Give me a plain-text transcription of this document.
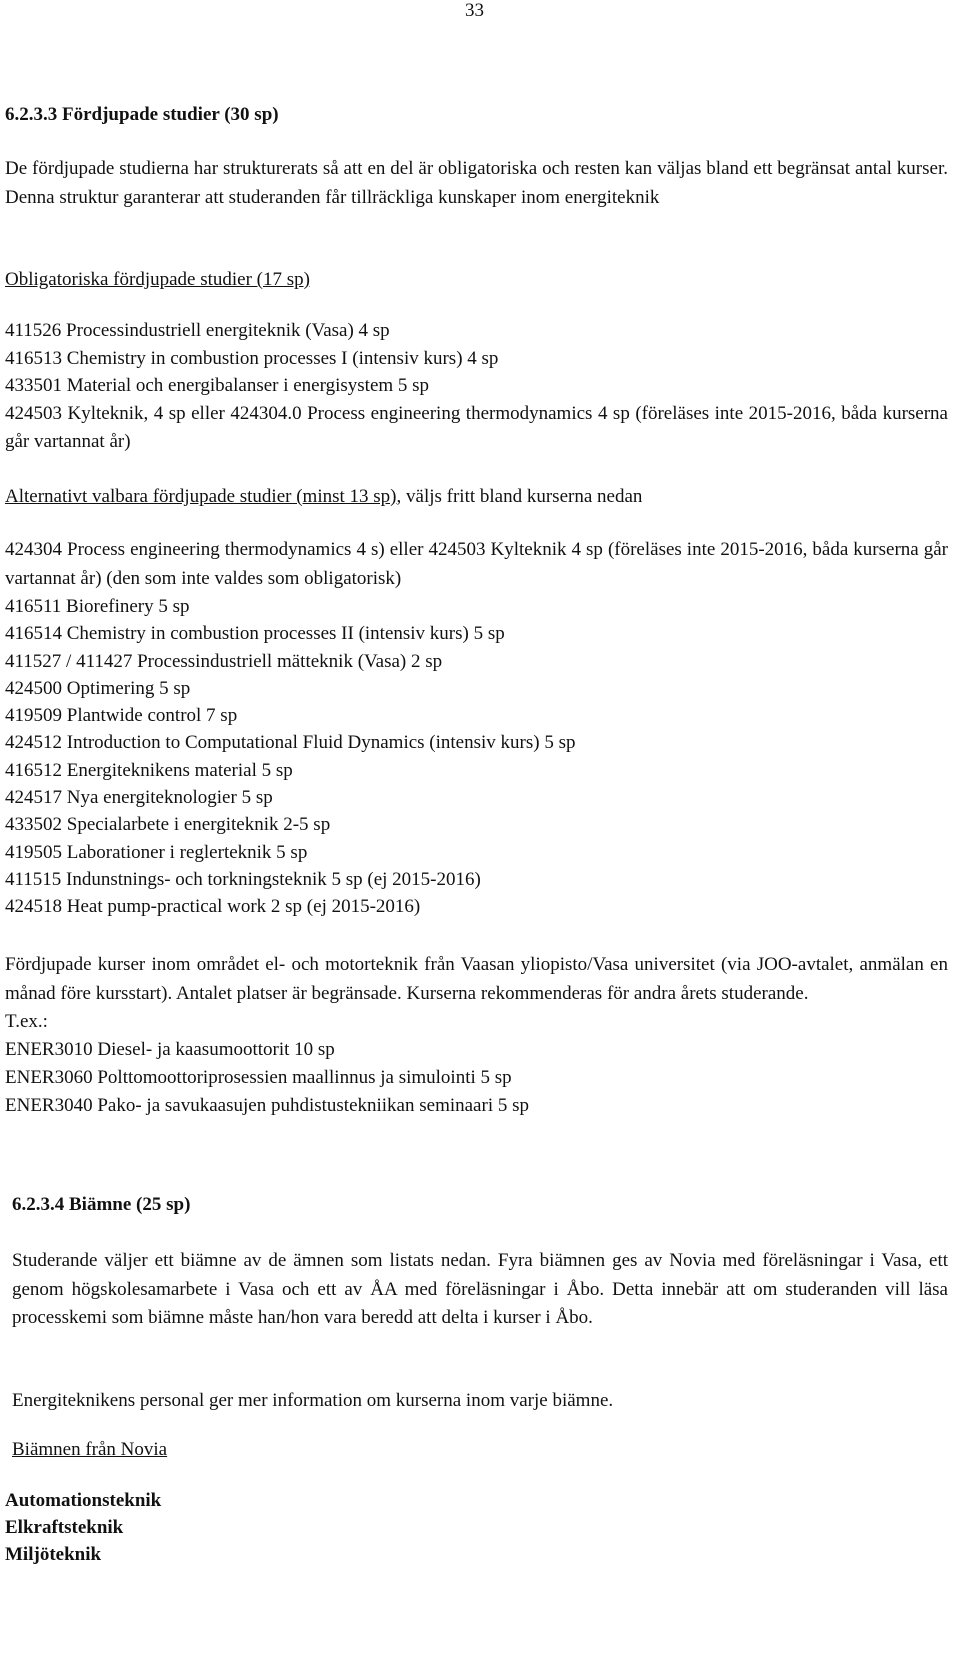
33
6.2.3.3 Fördjupade studier (30 sp)

De fördjupade studierna har strukturerats så att en del är obligatoriska och resten kan väljas bland ett begränsat antal kurser. Denna struktur garanterar att studeranden får tillräckliga kunskaper inom energiteknik

Obligatoriska fördjupade studier (17 sp)

411526 Processindustriell energiteknik (Vasa) 4 sp
416513 Chemistry in combustion processes I (intensiv kurs) 4 sp
433501 Material och energibalanser i energisystem 5 sp

424503 Kylteknik, 4 sp eller 424304.0 Process engineering thermodynamics 4 sp (föreläses inte 2015-2016, båda kurserna går vartannat år)

Alternativt valbara fördjupade studier (minst 13 sp), väljs fritt bland kurserna nedan

424304 Process engineering thermodynamics 4 s) eller 424503 Kylteknik 4 sp (föreläses inte 2015-2016, båda kurserna går vartannat år) (den som inte valdes som obligatorisk)

416511 Biorefinery 5 sp
416514 Chemistry in combustion processes II (intensiv kurs) 5 sp
411527 / 411427 Processindustriell mätteknik (Vasa) 2 sp
424500 Optimering 5 sp
419509 Plantwide control 7 sp
424512 Introduction to Computational Fluid Dynamics (intensiv kurs) 5 sp
416512 Energiteknikens material 5 sp
424517 Nya energiteknologier 5 sp
433502 Specialarbete i energiteknik 2-5 sp
419505 Laborationer i reglerteknik 5 sp
411515 Indunstnings- och torkningsteknik 5 sp (ej 2015-2016)
424518 Heat pump-practical work 2 sp (ej 2015-2016)

Fördjupade kurser inom området el- och motorteknik från Vaasan yliopisto/Vasa universitet (via JOO-avtalet, anmälan en månad före kursstart). Antalet platser är begränsade. Kurserna rekommenderas för andra årets studerande.

T.ex.:

ENER3010 Diesel- ja kaasumoottorit 10 sp

ENER3060 Polttomoottoriprosessien maallinnus ja simulointi 5 sp

ENER3040 Pako- ja savukaasujen puhdistustekniikan seminaari 5 sp

6.2.3.4 Biämne (25 sp)

Studerande väljer ett biämne av de ämnen som listats nedan. Fyra biämnen ges av Novia med föreläsningar i Vasa, ett genom högskolesamarbete i Vasa och ett av ÅA med föreläsningar i Åbo. Detta innebär att om studeranden vill läsa processkemi som biämne måste han/hon vara beredd att delta i kurser i Åbo.

Energiteknikens personal ger mer information om kurserna inom varje biämne.

Biämnen från Novia

Automationsteknik
Elkraftsteknik
Miljöteknik
